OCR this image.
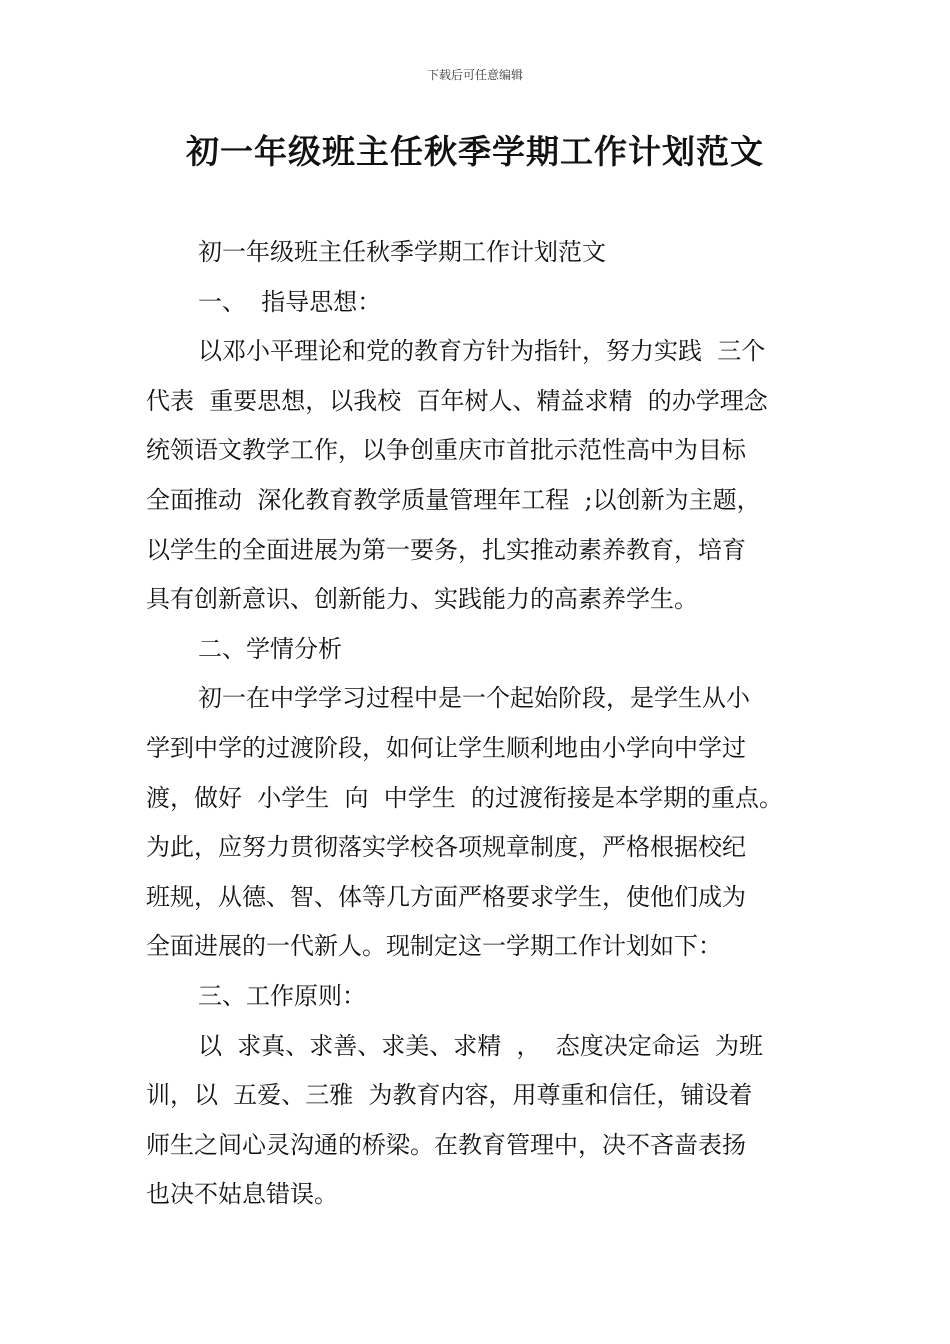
下载后可任意编辑
初一年级班主任秋季学期工作计划范文
初一年级班主任秋季学期工作计划范文
一、  指导思想：
以邓小平理论和党的教育方针为指针，努力实践  三个
代表  重要思想，以我校  百年树人、精益求精  的办学理念
统领语文教学工作，以争创重庆市首批示范性高中为目标
全面推动  深化教育教学质量管理年工程  ;以创新为主题，
以学生的全面进展为第一要务，扎实推动素养教育，培育
具有创新意识、创新能力、实践能力的高素养学生。
二、学情分析
初一在中学学习过程中是一个起始阶段，是学生从小
学到中学的过渡阶段，如何让学生顺利地由小学向中学过
渡，做好  小学生  向  中学生  的过渡衔接是本学期的重点。
为此，应努力贯彻落实学校各项规章制度，严格根据校纪
班规，从德、智、体等几方面严格要求学生，使他们成为
全面进展的一代新人。现制定这一学期工作计划如下：
三、工作原则：
以  求真、求善、求美、求精  ，  态度决定命运  为班
训，以  五爱、三雅  为教育内容，用尊重和信任，铺设着
师生之间心灵沟通的桥梁。在教育管理中，决不吝啬表扬
也决不姑息错误。
